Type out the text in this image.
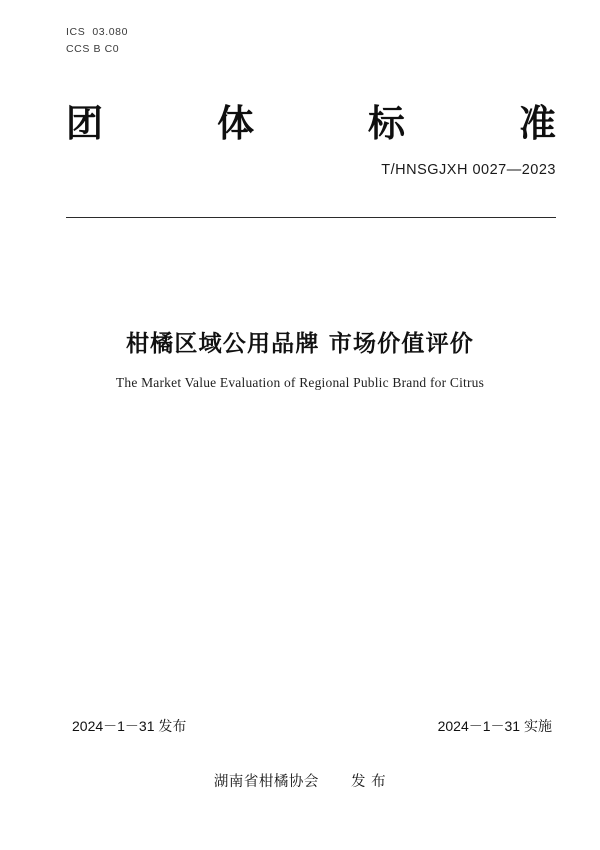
ICS  03.080
CCS B C0
团	体	标	准
T/HNSGJXH 0027—2023
柑橘区域公用品牌 市场价值评价
The Market Value Evaluation of Regional Public Brand for Citrus
2024－1－31 发布	2024－1－31 实施
湖南省柑橘协会 发 布
